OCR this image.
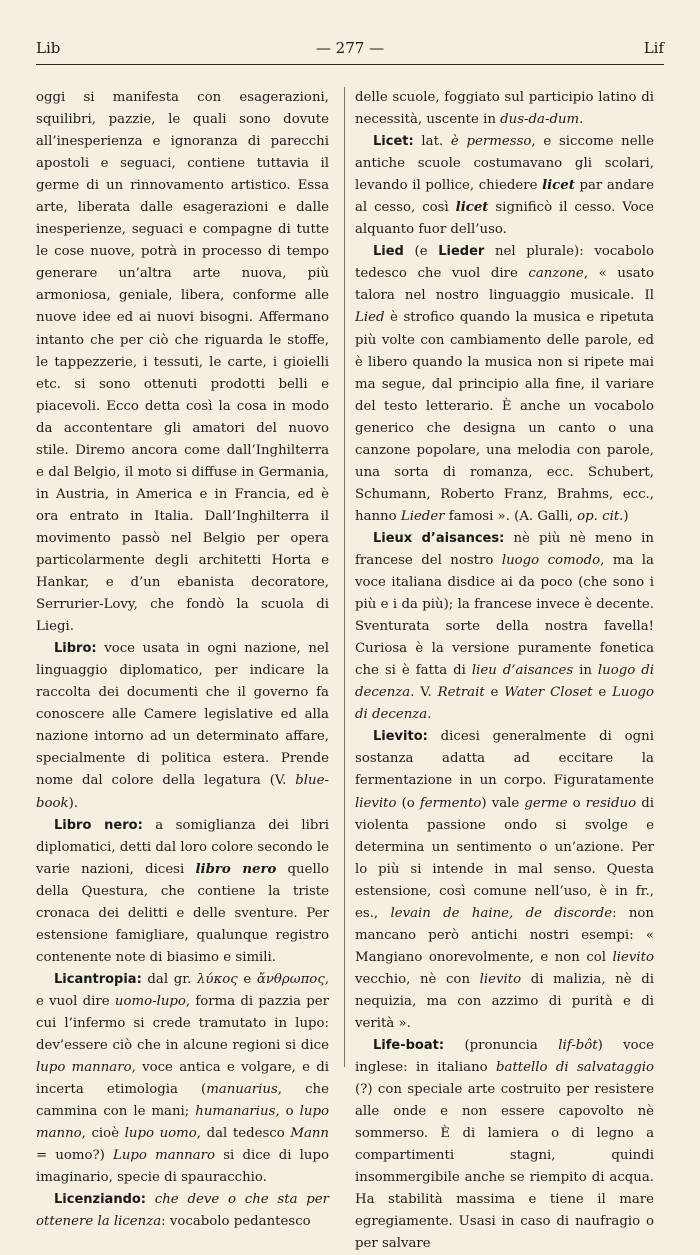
Lib	— 277 —	Lif

oggi si manifesta con esagerazioni, squilibri, pazzie, le quali sono dovute all’inesperienza e ignoranza di parecchi apostoli e seguaci, contiene tuttavia il germe di un rinnovamento artistico. Essa arte, liberata dalle esagerazioni e dalle inesperienze, seguaci e compagne di tutte le cose nuove, potrà in processo di tempo generare un’altra arte nuova, più armoniosa, geniale, libera, conforme alle nuove idee ed ai nuovi bisogni. Affermano intanto che per ciò che riguarda le stoffe, le tappezzerie, i tessuti, le carte, i gioielli etc. si sono ottenuti prodotti belli e piacevoli. Ecco detta così la cosa in modo da accontentare gli amatori del nuovo stile. Diremo ancora come dall’Inghilterra e dal Belgio, il moto si diffuse in Germania, in Austria, in America e in Francia, ed è ora entrato in Italia. Dall’Inghilterra il movimento passò nel Belgio per opera particolarmente degli architetti Horta e Hankar, e d’un ebanista decoratore, Serrurier-Lovy, che fondò la scuola di Liegi.

Libro: voce usata in ogni nazione, nel linguaggio diplomatico, per indicare la raccolta dei documenti che il governo fa conoscere alle Camere legislative ed alla nazione intorno ad un determinato affare, specialmente di politica estera. Prende nome dal colore della legatura (V. blue-book).

Libro nero: a somiglianza dei libri diplomatici, detti dal loro colore secondo le varie nazioni, dicesi libro nero quello della Questura, che contiene la triste cronaca dei delitti e delle sventure. Per estensione famigliare, qualunque registro contenente note di biasimo e simili.

Licantropia: dal gr. λύκος e ἄνθρωπος, e vuol dire uomo-lupo, forma di pazzia per cui l’infermo si crede tramutato in lupo: dev’essere ciò che in alcune regioni si dice lupo mannaro, voce antica e volgare, e di incerta etimologia (manuarius, che cammina con le mani; humanarius, o lupo manno, cioè lupo uomo, dal tedesco Mann = uomo?) Lupo mannaro si dice di lupo imaginario, specie di spauracchio.

Licenziando: che deve o che sta per ottenere la licenza: vocabolo pedantesco

delle scuole, foggiato sul participio latino di necessità, uscente in dus-da-dum.

Licet: lat. è permesso, e siccome nelle antiche scuole costumavano gli scolari, levando il pollice, chiedere licet par andare al cesso, così licet significò il cesso. Voce alquanto fuor dell’uso.

Lied (e Lieder nel plurale): vocabolo tedesco che vuol dire canzone, « usato talora nel nostro linguaggio musicale. Il Lied è strofico quando la musica e ripetuta più volte con cambiamento delle parole, ed è libero quando la musica non si ripete mai ma segue, dal principio alla fine, il variare del testo letterario. È anche un vocabolo generico che designa un canto o una canzone popolare, una melodia con parole, una sorta di romanza, ecc. Schubert, Schumann, Roberto Franz, Brahms, ecc., hanno Lieder famosi ». (A. Galli, op. cit.)

Lieux d’aisances: nè più nè meno in francese del nostro luogo comodo, ma la voce italiana disdice ai da poco (che sono i più e i da più); la francese invece è decente. Sventurata sorte della nostra favella! Curiosa è la versione puramente fonetica che si è fatta di lieu d’aisances in luogo di decenza. V. Retrait e Water Closet e Luogo di decenza.

Lievito: dicesi generalmente di ogni sostanza adatta ad eccitare la fermentazione in un corpo. Figuratamente lievito (o fermento) vale germe o residuo di violenta passione ondo si svolge e determina un sentimento o un’azione. Per lo più si intende in mal senso. Questa estensione, così comune nell’uso, è in fr., es., levain de haine, de discorde: non mancano però antichi nostri esempi: « Mangiano onorevolmente, e non col lievito vecchio, nè con lievito di malizia, nè di nequizia, ma con azzimo di purità e di verità ».

Life-boat: (pronuncia lif-bôt) voce inglese: in italiano battello di salvataggio (?) con speciale arte costruito per resistere alle onde e non essere capovolto nè sommerso. È di lamiera o di legno a compartimenti stagni, quindi insommergibile anche se riempito di acqua. Ha stabilità massima e tiene il mare egregiamente. Usasi in caso di naufragio o per salvare
